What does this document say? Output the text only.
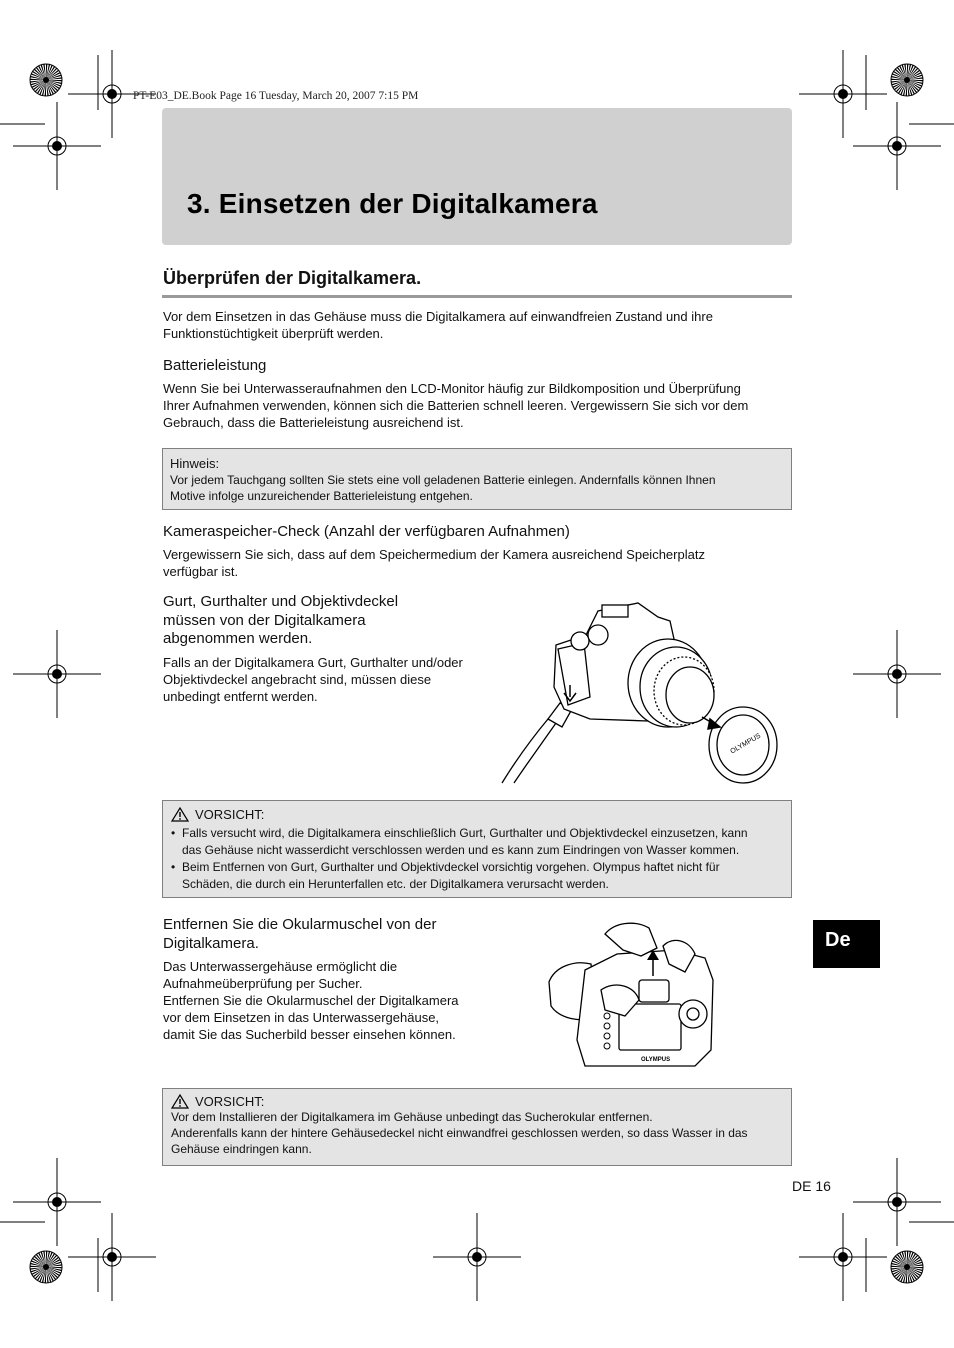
PT-E03_DE.Book Page 16 Tuesday, March 20, 2007 7:15 PM
3. Einsetzen der Digitalkamera
Überprüfen der Digitalkamera.
Vor dem Einsetzen in das Gehäuse muss die Digitalkamera auf einwandfreien Zustand und ihre
Funktionstüchtigkeit überprüft werden.
Batterieleistung
Wenn Sie bei Unterwasseraufnahmen den LCD-Monitor häufig zur Bildkomposition und Überprüfung
Ihrer Aufnahmen verwenden, können sich die Batterien schnell leeren. Vergewissern Sie sich vor dem
Gebrauch, dass die Batterieleistung ausreichend ist.
Hinweis:
Vor jedem Tauchgang sollten Sie stets eine voll geladenen Batterie einlegen. Andernfalls können Ihnen
Motive infolge unzureichender Batterieleistung entgehen.
Kameraspeicher-Check (Anzahl der verfügbaren Aufnahmen)
Vergewissern Sie sich, dass auf dem Speichermedium der Kamera ausreichend Speicherplatz
verfügbar ist.
Gurt, Gurthalter und Objektivdeckel
müssen von der Digitalkamera
abgenommen werden.
Falls an der Digitalkamera Gurt, Gurthalter und/oder
Objektivdeckel angebracht sind, müssen diese
unbedingt entfernt werden.
OLYMPUS
VORSICHT:
• Falls versucht wird, die Digitalkamera einschließlich Gurt, Gurthalter und Objektivdeckel einzusetzen, kann
das Gehäuse nicht wasserdicht verschlossen werden und es kann zum Eindringen von Wasser kommen.
• Beim Entfernen von Gurt, Gurthalter und Objektivdeckel vorsichtig vorgehen. Olympus haftet nicht für
Schäden, die durch ein Herunterfallen etc. der Digitalkamera verursacht werden.
Entfernen Sie die Okularmuschel von der
Digitalkamera.
Das Unterwassergehäuse ermöglicht die
Aufnahmeüberprüfung per Sucher.
Entfernen Sie die Okularmuschel der Digitalkamera
vor dem Einsetzen in das Unterwassergehäuse,
damit Sie das Sucherbild besser einsehen können.
OLYMPUS
VORSICHT:
Vor dem Installieren der Digitalkamera im Gehäuse unbedingt das Sucherokular entfernen.
Anderenfalls kann der hintere Gehäusedeckel nicht einwandfrei geschlossen werden, so dass Wasser in das
Gehäuse eindringen kann.
De
DE 16
